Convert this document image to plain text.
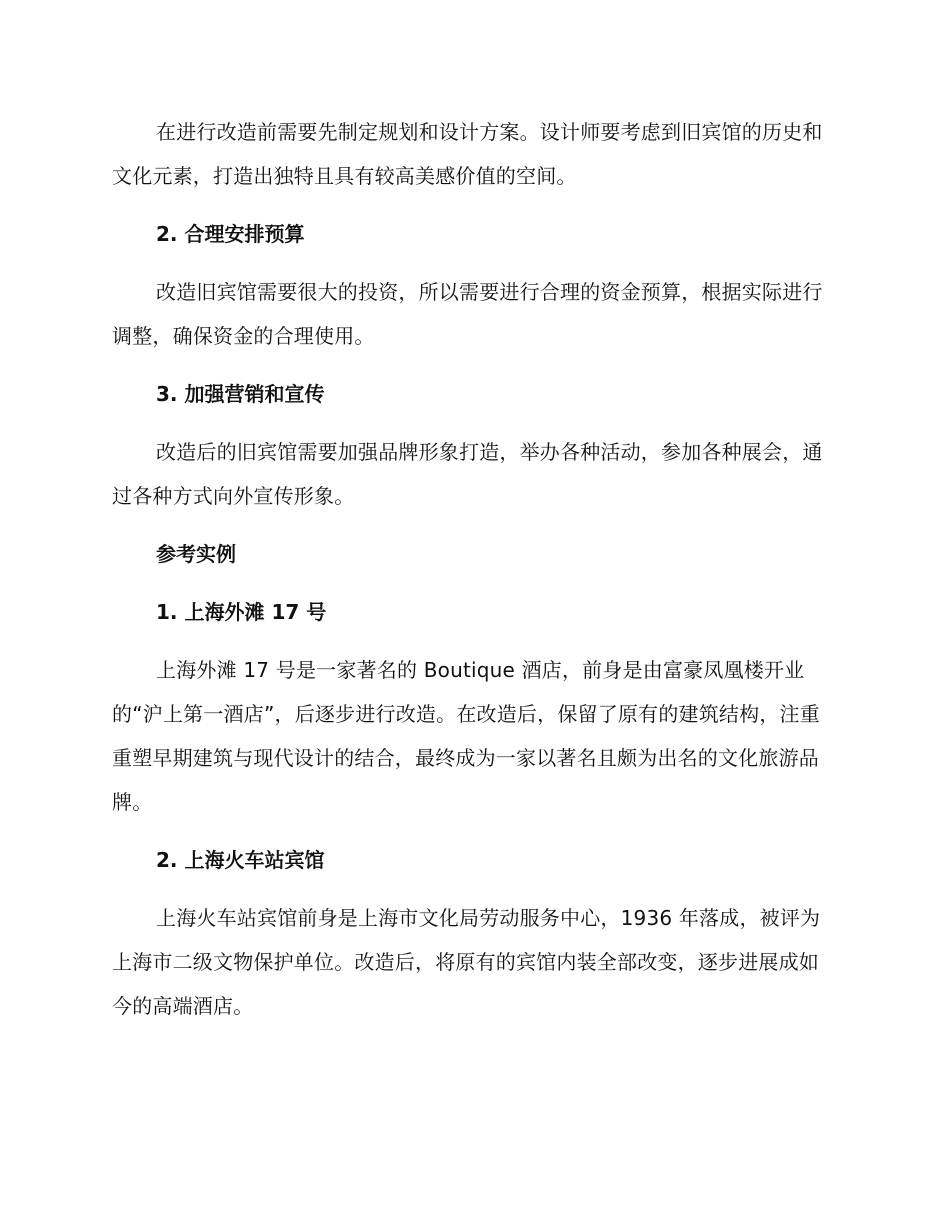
在进行改造前需要先制定规划和设计方案。设计师要考虑到旧宾馆的历史和文化元素，打造出独特且具有较高美感价值的空间。

2. 合理安排预算

改造旧宾馆需要很大的投资，所以需要进行合理的资金预算，根据实际进行调整，确保资金的合理使用。

3. 加强营销和宣传

改造后的旧宾馆需要加强品牌形象打造，举办各种活动，参加各种展会，通过各种方式向外宣传形象。

参考实例

1. 上海外滩 17 号

上海外滩 17 号是一家著名的 Boutique 酒店，前身是由富豪凤凰楼开业的“沪上第一酒店”，后逐步进行改造。在改造后，保留了原有的建筑结构，注重重塑早期建筑与现代设计的结合，最终成为一家以著名且颇为出名的文化旅游品牌。

2. 上海火车站宾馆

上海火车站宾馆前身是上海市文化局劳动服务中心，1936 年落成，被评为上海市二级文物保护单位。改造后，将原有的宾馆内装全部改变，逐步进展成如今的高端酒店。
